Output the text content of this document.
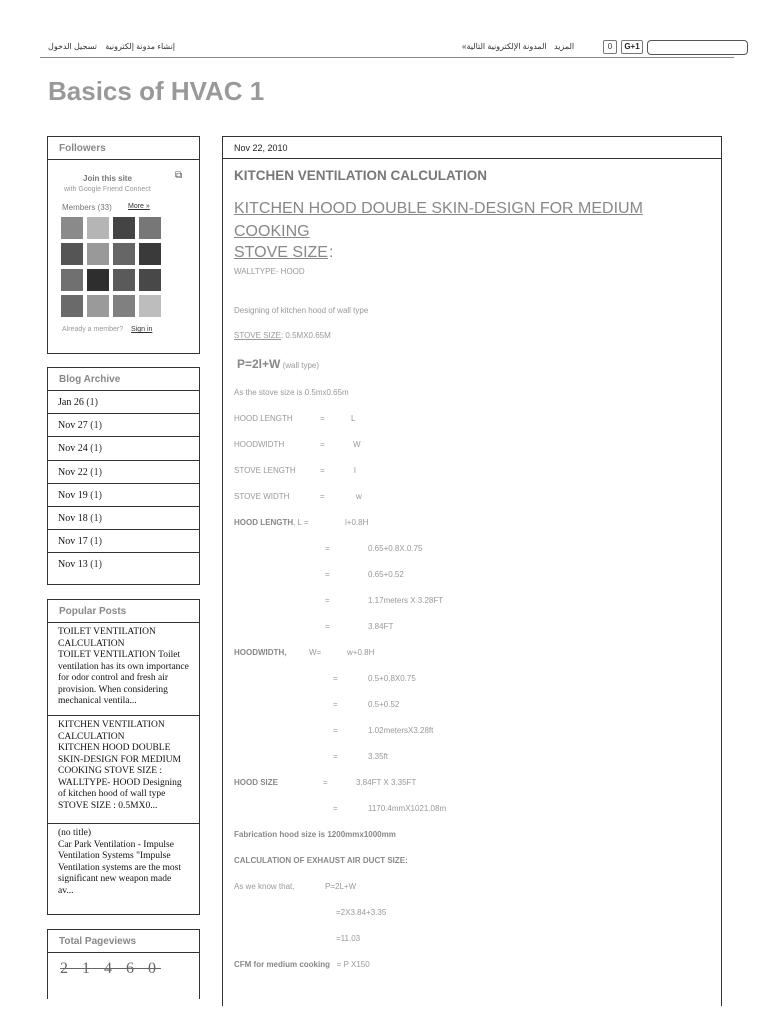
إنشاء مدونة إلكترونية تسجيل الدخول	المدونة الإلكترونية التالية» المزيد	0	G+1
Basics of HVAC 1
Followers
Join this site	⧉
with Google Friend Connect
Members (33) More »
Already a member? Sign in
Blog Archive
Jan 26 (1)
Nov 27 (1)
Nov 24 (1)
Nov 22 (1)
Nov 19 (1)
Nov 18 (1)
Nov 17 (1)
Nov 13 (1)
Popular Posts
TOILET VENTILATION CALCULATION
TOILET VENTILATION Toilet ventilation has its own importance for odor control and fresh air provision. When considering mechanical ventila...
KITCHEN VENTILATION CALCULATION
KITCHEN HOOD DOUBLE SKIN-DESIGN FOR MEDIUM COOKING STOVE SIZE : WALLTYPE- HOOD Designing of kitchen hood of wall type STOVE SIZE : 0.5MX0...
(no title)
Car Park Ventilation - Impulse Ventilation Systems "Impulse Ventilation systems are the most significant new weapon made av...
Total Pageviews
2 1 4 6 0
Nov 22, 2010
KITCHEN VENTILATION CALCULATION
KITCHEN HOOD DOUBLE SKIN-DESIGN FOR MEDIUM COOKING
STOVE SIZE :
WALLTYPE- HOOD
Designing of kitchen hood of wall type
STOVE SIZE: 0.5MX0.65M
P=2l+W (wall type)
As the stove size is 0.5mx0.65m
HOOD LENGTH	=	L
HOODWIDTH	=	W
STOVE LENGTH	=	l
STOVE WIDTH	=	w
HOOD LENGTH, L =	l+0.8H
=	0.65+0.8X.0.75
=	0.65+0.52
=	1.17meters X 3.28FT
=	3.84FT
HOODWIDTH,	W=	w+0.8H
=	0.5+0.8X0.75
=	0.5+0.52
=	1.02metersX3.28ft
=	3.35ft
HOOD SIZE	=	3.84FT X 3.35FT
=	1170.4mmX1021.08m
Fabrication hood size is 1200mmx1000mm
CALCULATION OF EXHAUST AIR DUCT SIZE:
As we know that,	P=2L+W
=2X3.84+3.35
=11.03
CFM for medium cooking = P X150
